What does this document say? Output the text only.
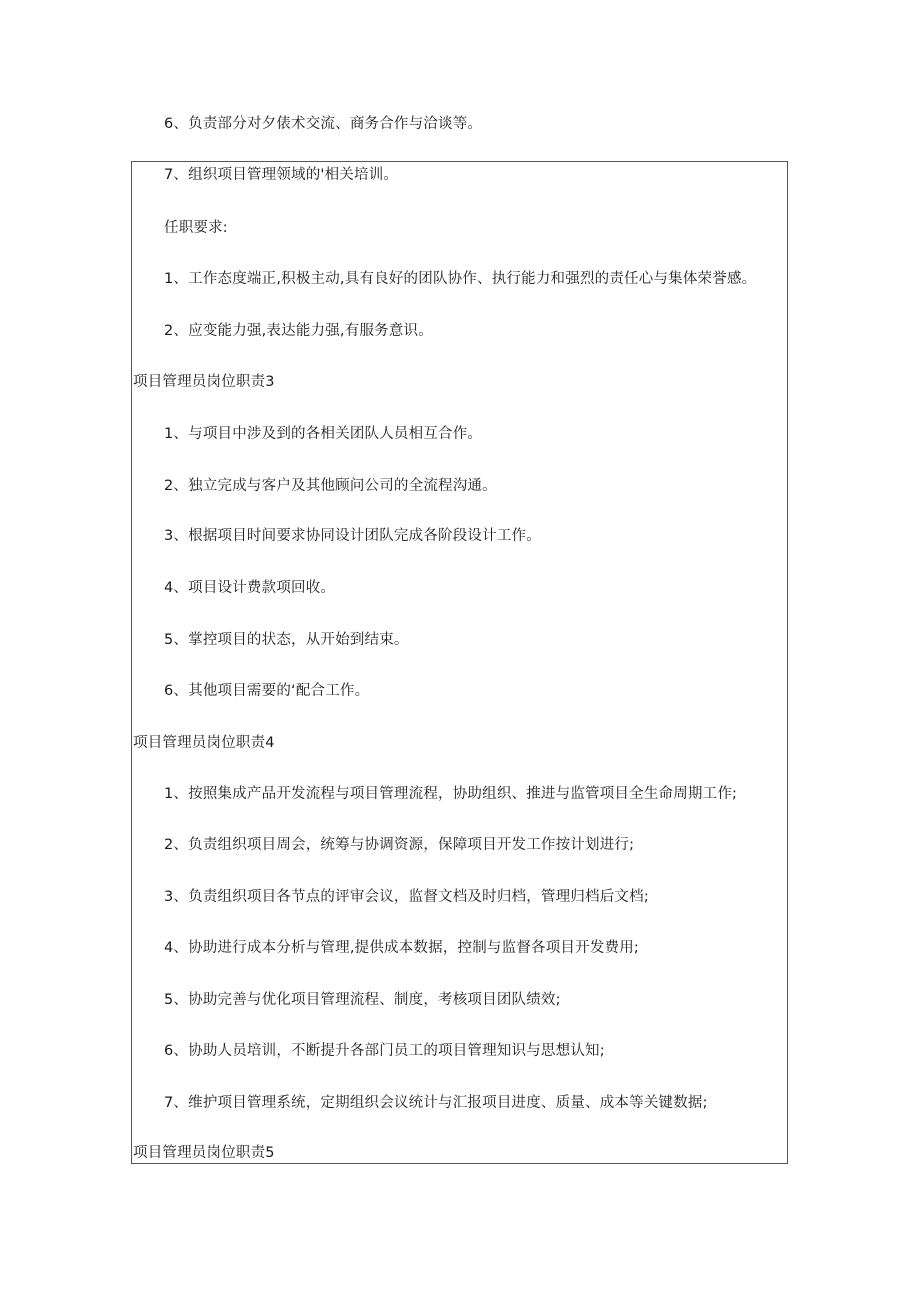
6、负责部分对夕俵术交流、商务合作与洽谈等。
7、组织项目管理领域的'相关培训。
任职要求:
1、工作态度端正,积极主动,具有良好的团队协作、执行能力和强烈的责任心与集体荣誉感。
2、应变能力强,表达能力强,有服务意识。
项目管理员岗位职责3
1、与项目中涉及到的各相关团队人员相互合作。
2、独立完成与客户及其他顾问公司的全流程沟通。
3、根据项目时间要求协同设计团队完成各阶段设计工作。
4、项目设计费款项回收。
5、掌控项目的状态，从开始到结束。
6、其他项目需要的‘配合工作。
项目管理员岗位职责4
1、按照集成产品开发流程与项目管理流程，协助组织、推进与监管项目全生命周期工作;
2、负责组织项目周会，统筹与协调资源，保障项目开发工作按计划进行;
3、负责组织项目各节点的评审会议，监督文档及时归档，管理归档后文档;
4、协助进行成本分析与管理,提供成本数据，控制与监督各项目开发费用;
5、协助完善与优化项目管理流程、制度，考核项目团队绩效;
6、协助人员培训，不断提升各部门员工的项目管理知识与思想认知;
7、维护项目管理系统，定期组织会议统计与汇报项目进度、质量、成本等关键数据;
项目管理员岗位职责5
